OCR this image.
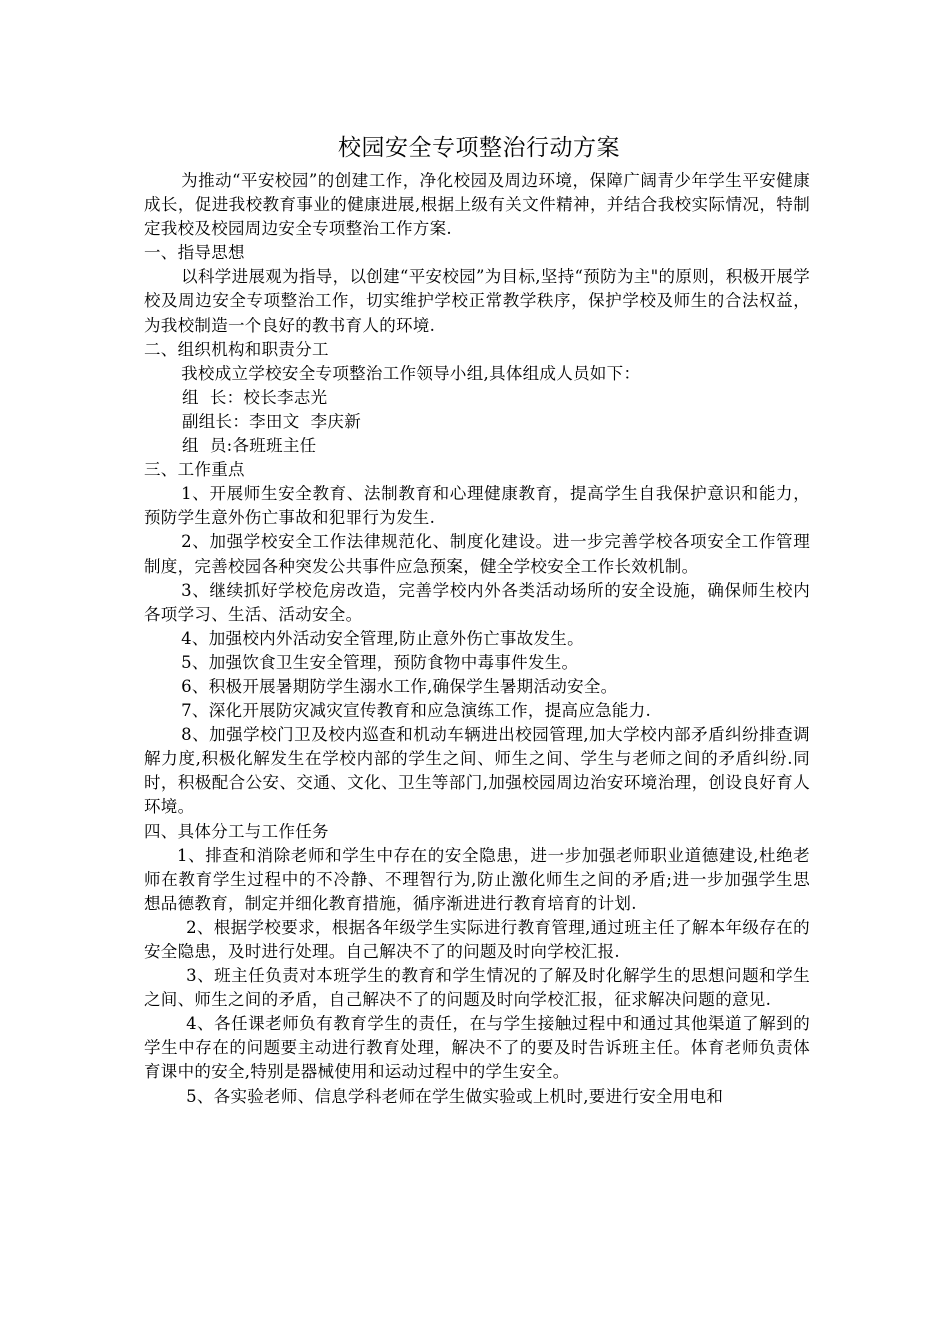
校园安全专项整治行动方案

为推动“平安校园”的创建工作，净化校园及周边环境，保障广阔青少年学生平安健康成长，促进我校教育事业的健康进展,根据上级有关文件精神，并结合我校实际情况，特制定我校及校园周边安全专项整治工作方案.

一、指导思想

以科学进展观为指导，以创建“平安校园”为目标,坚持“预防为主"的原则，积极开展学校及周边安全专项整治工作，切实维护学校正常教学秩序，保护学校及师生的合法权益，为我校制造一个良好的教书育人的环境.

二、组织机构和职责分工

我校成立学校安全专项整治工作领导小组,具体组成人员如下：

组  长：校长李志光

副组长：李田文  李庆新

组  员:各班班主任

三、工作重点

1、开展师生安全教育、法制教育和心理健康教育，提高学生自我保护意识和能力，预防学生意外伤亡事故和犯罪行为发生.

2、加强学校安全工作法律规范化、制度化建设。进一步完善学校各项安全工作管理制度，完善校园各种突发公共事件应急预案，健全学校安全工作长效机制。

3、继续抓好学校危房改造，完善学校内外各类活动场所的安全设施，确保师生校内各项学习、生活、活动安全。

4、加强校内外活动安全管理,防止意外伤亡事故发生。

5、加强饮食卫生安全管理，预防食物中毒事件发生。

6、积极开展暑期防学生溺水工作,确保学生暑期活动安全。

7、深化开展防灾减灾宣传教育和应急演练工作，提高应急能力.

8、加强学校门卫及校内巡查和机动车辆进出校园管理,加大学校内部矛盾纠纷排查调解力度,积极化解发生在学校内部的学生之间、师生之间、学生与老师之间的矛盾纠纷.同时，积极配合公安、交通、文化、卫生等部门,加强校园周边治安环境治理，创设良好育人环境。

四、具体分工与工作任务

1、排查和消除老师和学生中存在的安全隐患，进一步加强老师职业道德建设,杜绝老师在教育学生过程中的不冷静、不理智行为,防止激化师生之间的矛盾;进一步加强学生思想品德教育，制定并细化教育措施，循序渐进进行教育培育的计划.

2、根据学校要求，根据各年级学生实际进行教育管理,通过班主任了解本年级存在的安全隐患，及时进行处理。自己解决不了的问题及时向学校汇报.

3、班主任负责对本班学生的教育和学生情况的了解及时化解学生的思想问题和学生之间、师生之间的矛盾，自己解决不了的问题及时向学校汇报，征求解决问题的意见.

4、各任课老师负有教育学生的责任，在与学生接触过程中和通过其他渠道了解到的学生中存在的问题要主动进行教育处理，解决不了的要及时告诉班主任。体育老师负责体育课中的安全,特别是器械使用和运动过程中的学生安全。

5、各实验老师、信息学科老师在学生做实验或上机时,要进行安全用电和
